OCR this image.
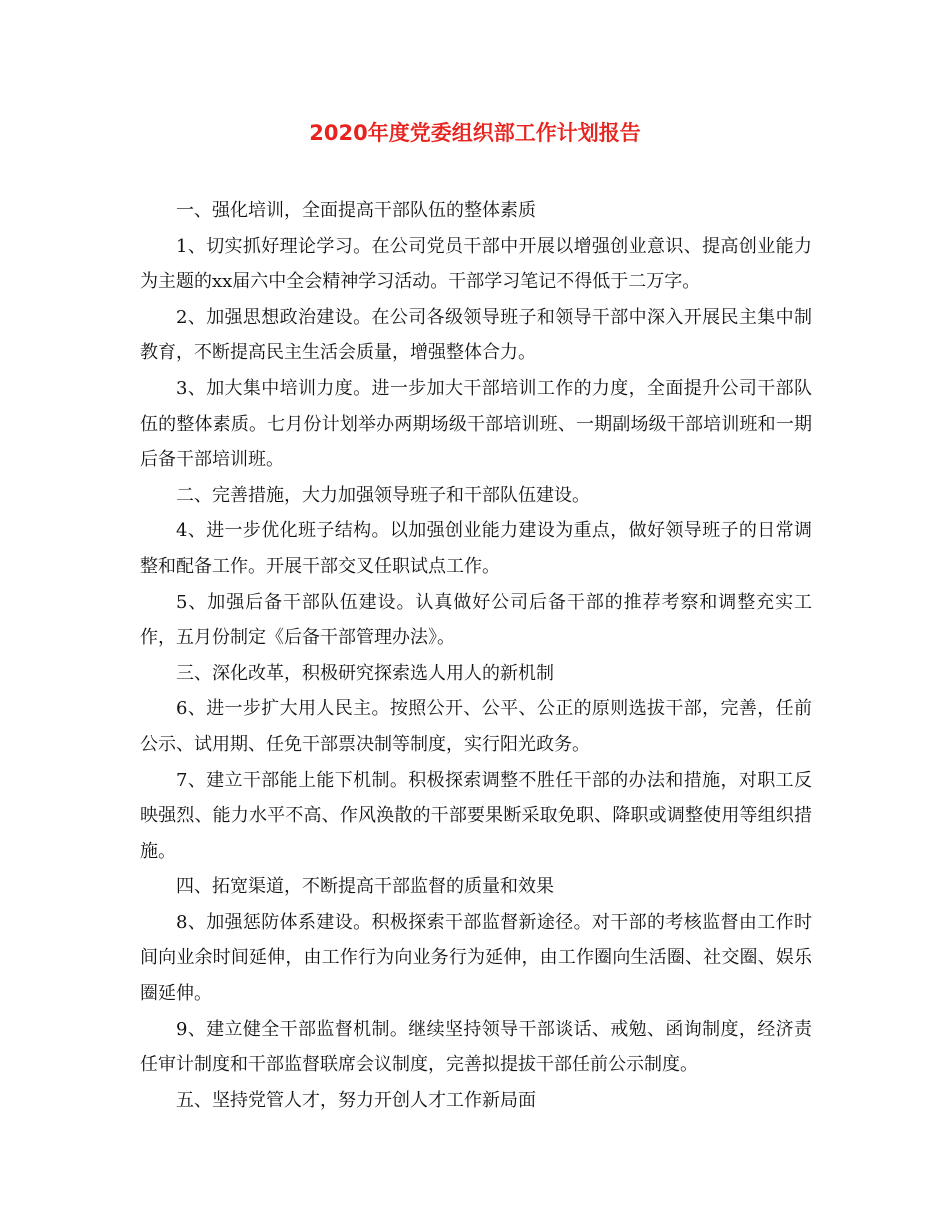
2020年度党委组织部工作计划报告

一、强化培训，全面提高干部队伍的整体素质

1、切实抓好理论学习。在公司党员干部中开展以增强创业意识、提高创业能力为主题的xx届六中全会精神学习活动。干部学习笔记不得低于二万字。

2、加强思想政治建设。在公司各级领导班子和领导干部中深入开展民主集中制教育，不断提高民主生活会质量，增强整体合力。

3、加大集中培训力度。进一步加大干部培训工作的力度，全面提升公司干部队伍的整体素质。七月份计划举办两期场级干部培训班、一期副场级干部培训班和一期后备干部培训班。

二、完善措施，大力加强领导班子和干部队伍建设。

4、进一步优化班子结构。以加强创业能力建设为重点，做好领导班子的日常调整和配备工作。开展干部交叉任职试点工作。

5、加强后备干部队伍建设。认真做好公司后备干部的推荐考察和调整充实工作，五月份制定《后备干部管理办法》。

三、深化改革，积极研究探索选人用人的新机制

6、进一步扩大用人民主。按照公开、公平、公正的原则选拔干部，完善，任前公示、试用期、任免干部票决制等制度，实行阳光政务。

7、建立干部能上能下机制。积极探索调整不胜任干部的办法和措施，对职工反映强烈、能力水平不高、作风涣散的干部要果断采取免职、降职或调整使用等组织措施。

四、拓宽渠道，不断提高干部监督的质量和效果

8、加强惩防体系建设。积极探索干部监督新途径。对干部的考核监督由工作时间向业余时间延伸，由工作行为向业务行为延伸，由工作圈向生活圈、社交圈、娱乐圈延伸。

9、建立健全干部监督机制。继续坚持领导干部谈话、戒勉、函询制度，经济责任审计制度和干部监督联席会议制度，完善拟提拔干部任前公示制度。

五、坚持党管人才，努力开创人才工作新局面
